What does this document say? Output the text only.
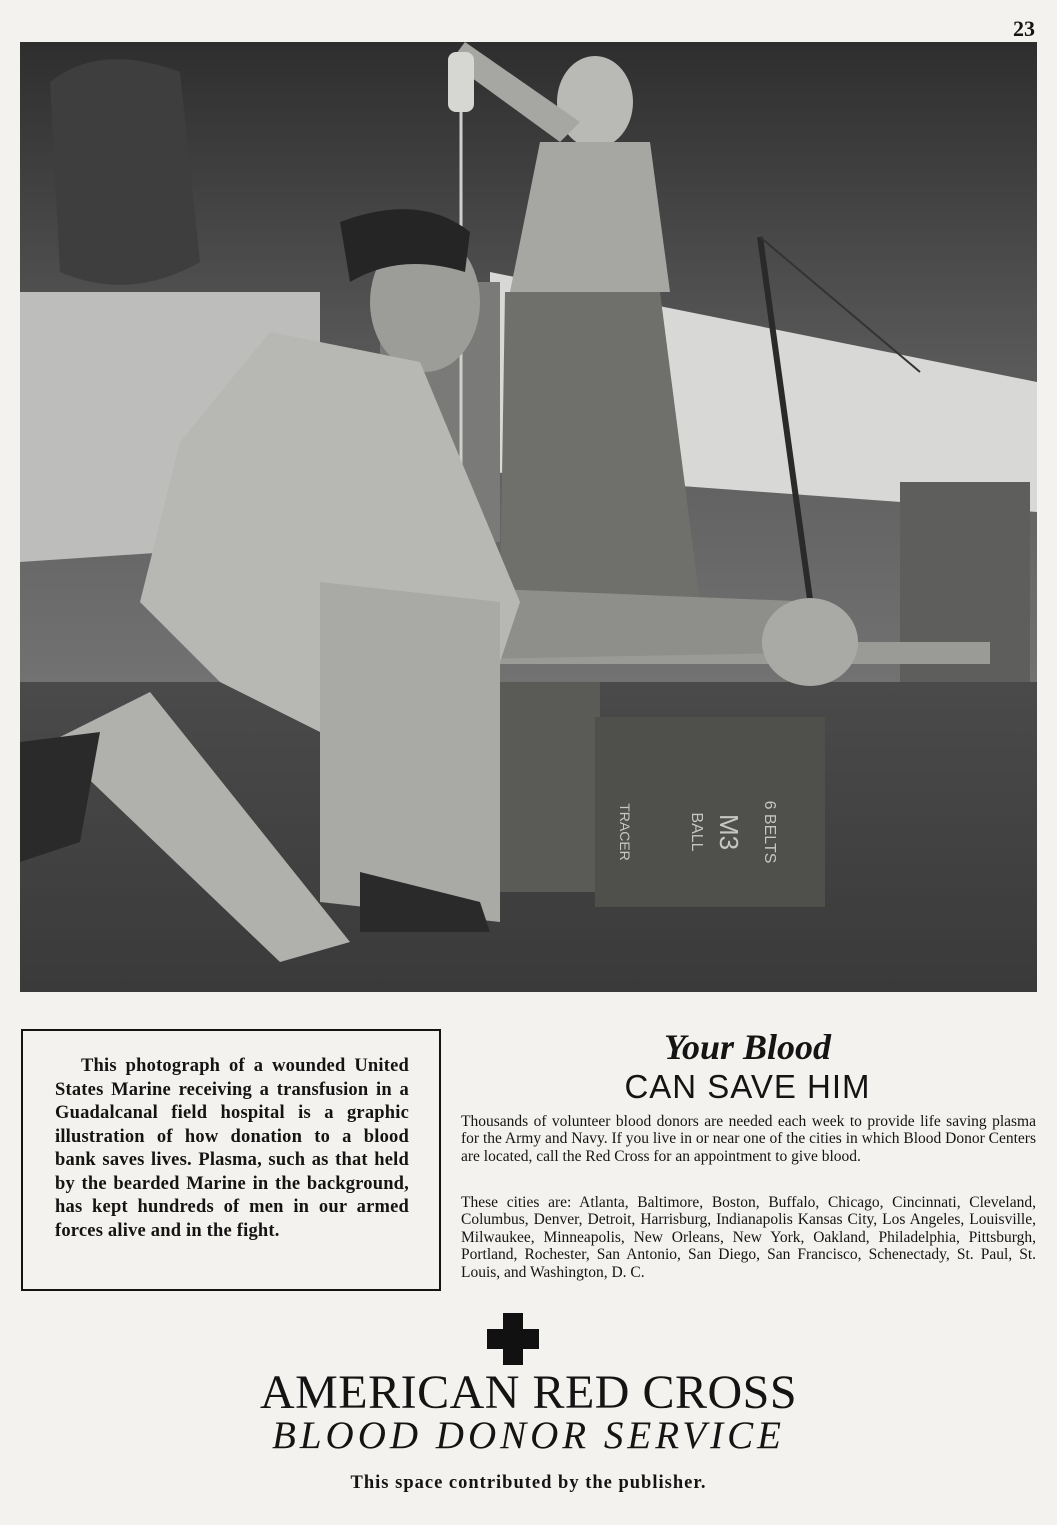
23
6 BELTS
M3
BALL
TRACER
This photograph of a wounded United States Marine receiving a transfusion in a Guadalcanal field hospital is a graphic illustration of how donation to a blood bank saves lives. Plasma, such as that held by the bearded Marine in the background, has kept hundreds of men in our armed forces alive and in the fight.
Your Blood
CAN SAVE HIM
Thousands of volunteer blood donors are needed each week to provide life saving plasma for the Army and Navy. If you live in or near one of the cities in which Blood Donor Centers are located, call the Red Cross for an appointment to give blood.
These cities are: Atlanta, Baltimore, Boston, Buffalo, Chicago, Cincinnati, Cleveland, Columbus, Denver, Detroit, Harrisburg, Indianapolis Kansas City, Los Angeles, Louisville, Milwaukee, Minneapolis, New Orleans, New York, Oakland, Philadelphia, Pittsburgh, Portland, Rochester, San Antonio, San Diego, San Francisco, Schenectady, St. Paul, St. Louis, and Washington, D. C.
AMERICAN RED CROSS
BLOOD DONOR SERVICE
This space contributed by the publisher.
